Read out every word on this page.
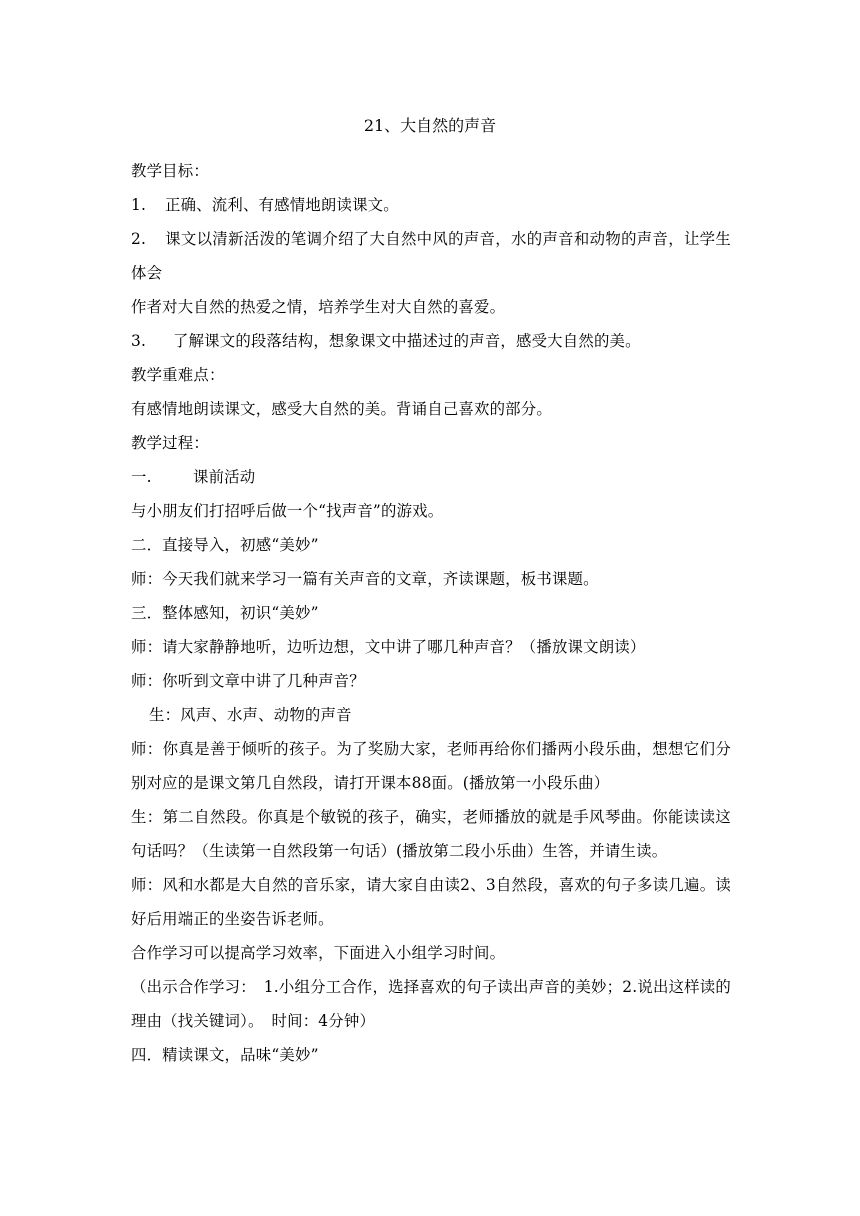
21、大自然的声音
教学目标：
1. 正确、流利、有感情地朗读课文。
2. 课文以清新活泼的笔调介绍了大自然中风的声音，水的声音和动物的声音，让学生体会
作者对大自然的热爱之情，培养学生对大自然的喜爱。
3. 了解课文的段落结构，想象课文中描述过的声音，感受大自然的美。
教学重难点：
有感情地朗读课文，感受大自然的美。背诵自己喜欢的部分。
教学过程：
一.	课前活动
与小朋友们打招呼后做一个“找声音”的游戏。
二．直接导入，初感“美妙”
师：今天我们就来学习一篇有关声音的文章，齐读课题，板书课题。
三．整体感知，初识“美妙”
师：请大家静静地听，边听边想，文中讲了哪几种声音？（播放课文朗读）
师：你听到文章中讲了几种声音？
生：风声、水声、动物的声音
师：你真是善于倾听的孩子。为了奖励大家，老师再给你们播两小段乐曲，想想它们分别对应的是课文第几自然段，请打开课本88面。(播放第一小段乐曲）
生：第二自然段。你真是个敏锐的孩子，确实，老师播放的就是手风琴曲。你能读读这句话吗？（生读第一自然段第一句话）(播放第二段小乐曲）生答，并请生读。
师：风和水都是大自然的音乐家，请大家自由读2、3自然段，喜欢的句子多读几遍。读好后用端正的坐姿告诉老师。
合作学习可以提高学习效率，下面进入小组学习时间。
（出示合作学习：　1.小组分工合作，选择喜欢的句子读出声音的美妙；2.说出这样读的理由（找关键词）。　时间：4分钟）
四．精读课文，品味“美妙”
